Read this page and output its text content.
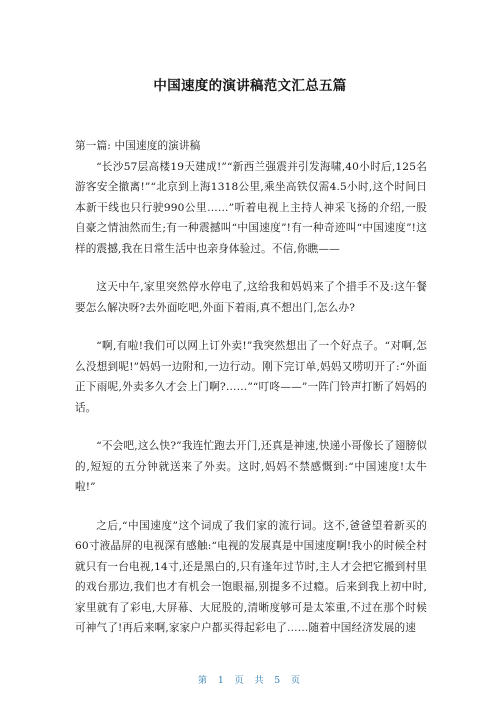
中国速度的演讲稿范文汇总五篇

第一篇: 中国速度的演讲稿

“长沙57层高楼19天建成!”“新西兰强震并引发海啸,40小时后,125名游客安全撤离!”“北京到上海1318公里,乘坐高铁仅需4.5小时,这个时间日本新干线也只行驶990公里……”听着电视上主持人神采飞扬的介绍,一股自豪之情油然而生;有一种震撼叫“中国速度”!有一种奇迹叫“中国速度”!这样的震撼,我在日常生活中也亲身体验过。不信,你瞧——

这天中午,家里突然停水停电了,这给我和妈妈来了个措手不及:这午餐要怎么解决呀?去外面吃吧,外面下着雨,真不想出门,怎么办?

“啊,有啦!我们可以网上订外卖!”我突然想出了一个好点子。“对啊,怎么没想到呢!”妈妈一边附和,一边行动。刚下完订单,妈妈又唠叨开了:“外面正下雨呢,外卖多久才会上门啊?……”“叮咚——”一阵门铃声打断了妈妈的话。

“不会吧,这么快?”我连忙跑去开门,还真是神速,快递小哥像长了翅膀似的,短短的五分钟就送来了外卖。这时,妈妈不禁感慨到:“中国速度!太牛啦!”

之后,“中国速度”这个词成了我们家的流行词。这不,爸爸望着新买的60寸液晶屏的电视深有感触:“电视的发展真是中国速度啊!我小的时候全村就只有一台电视,14寸,还是黑白的,只有逢年过节时,主人才会把它搬到村里的戏台那边,我们也才有机会一饱眼福,别提多不过瘾。后来到我上初中时,家里就有了彩电,大屏幕、大屁股的,清晰度够可是太笨重,不过在那个时候可神气了!再后来啊,家家户户都买得起彩电了……随着中国经济发展的速

第 1 页 共 5 页
